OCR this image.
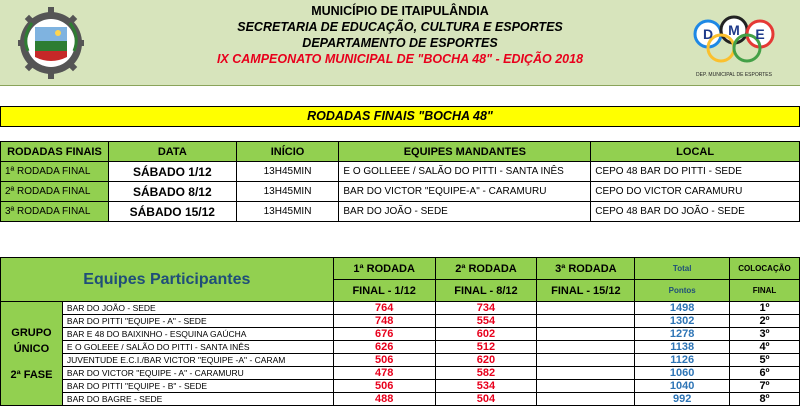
MUNICÍPIO DE ITAIPULÂNDIA
SECRETARIA DE EDUCAÇÃO, CULTURA E ESPORTES
DEPARTAMENTO DE ESPORTES
IX CAMPEONATO MUNICIPAL DE "BOCHA 48" - EDIÇÃO 2018
D M E
DEP. MUNICIPAL DE ESPORTES
RODADAS FINAIS "BOCHA 48"
RODADAS FINAIS	DATA	INÍCIO	EQUIPES MANDANTES	LOCAL
1ª RODADA FINAL	SÁBADO 1/12	13H45MIN	E O GOLLEEE / SALÃO DO PITTI - SANTA INÊS	CEPO 48 BAR DO PITTI - SEDE
2ª RODADA FINAL	SÁBADO 8/12	13H45MIN	BAR DO VICTOR "EQUIPE-A" - CARAMURU	CEPO DO VICTOR CARAMURU
3ª RODADA FINAL	SÁBADO 15/12	13H45MIN	BAR DO JOÃO - SEDE	CEPO 48 BAR DO JOÃO - SEDE
Equipes Participantes		1ª RODADA	2ª RODADA	3ª RODADA	Total	COLOCAÇÃO
		FINAL - 1/12	FINAL - 8/12	FINAL - 15/12	Pontos	FINAL

GRUPO
ÚNICO
2ª FASE	BAR DO JOÃO - SEDE	764	734		1498	1º
	BAR DO PITTI "EQUIPE - A" - SEDE	748	554		1302	2º
	BAR E 48 DO BAIXINHO - ESQUINA GAÚCHA	676	602		1278	3º
	E O GOLEEE / SALÃO DO PITTI - SANTA INÊS	626	512		1138	4º
	JUVENTUDE E.C.I./BAR VICTOR "EQUIPE -A" - CARAM	506	620		1126	5º
	BAR DO VICTOR "EQUIPE - A" - CARAMURU	478	582		1060	6º
	BAR DO PITTI "EQUIPE - B" - SEDE	506	534		1040	7º
	BAR DO BAGRE - SEDE	488	504		992	8º
